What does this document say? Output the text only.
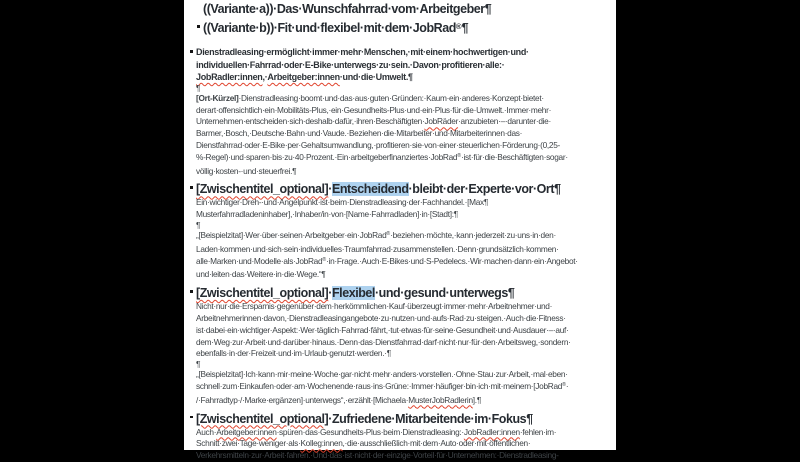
((Variante·a))·Das·Wunschfahrrad·vom·Arbeitgeber¶
((Variante·b))·Fit·und·flexibel·mit·dem·JobRad®¶
Dienstradleasing·ermöglicht·immer·mehr·Menschen,·mit·einem·hochwertigen·und·
individuellen·Fahrrad·oder·E-Bike·unterwegs·zu·sein.·Davon·profitieren·alle:·
JobRadler:innen,·Arbeitgeber:innen·und·die·Umwelt.¶
¶
[Ort-Kürzel]·Dienstradleasing·boomt·und·das·aus·guten·Gründen:·Kaum·ein·anderes·Konzept·bietet·
derart·offensichtlich·ein·Mobilitäts-Plus,·ein·Gesundheits-Plus·und·ein·Plus·für·die·Umwelt.·Immer·mehr·
Unternehmen·entscheiden·sich·deshalb·dafür,·ihren·Beschäftigten·JobRäder·anzubieten·–·darunter·die·
Barmer,·Bosch,·Deutsche·Bahn·und·Vaude.·Beziehen·die·Mitarbeiter·und·Mitarbeiterinnen·das·
Dienstfahrrad·oder·E-Bike·per·Gehaltsumwandlung,·profitieren·sie·von·einer·steuerlichen·Förderung·(0,25-
%-Regel)·und·sparen·bis·zu·40·Prozent.·Ein·arbeitgeberfinanziertes·JobRad®·ist·für·die·Beschäftigten·sogar·
völlig·kosten-·und·steuerfrei.¶
[Zwischentitel_optional]·Entscheidend·bleibt·der·Experte·vor·Ort¶
Ein·wichtiger·Dreh-·und·Angelpunkt·ist·beim·Dienstradleasing·der·Fachhandel.·[Max¶
Musterfahrradladeninhaber],·Inhaber/in·von·[Name·Fahrradladen]·in·[Stadt]:¶
¶
„[Beispielzitat]·Wer·über·seinen·Arbeitgeber·ein·JobRad®·beziehen·möchte,·kann·jederzeit·zu·uns·in·den·
Laden·kommen·und·sich·sein·individuelles·Traumfahrrad·zusammenstellen.·Denn·grundsätzlich·kommen·
alle·Marken·und·Modelle·als·JobRad®·in·Frage.·Auch·E-Bikes·und·S-Pedelecs.·Wir·machen·dann·ein·Angebot·
und·leiten·das·Weitere·in·die·Wege.“¶
[Zwischentitel_optional]·Flexibel·und·gesund·unterwegs¶
Nicht·nur·die·Ersparnis·gegenüber·dem·herkömmlichen·Kauf·überzeugt·immer·mehr·Arbeitnehmer·und·
Arbeitnehmerinnen·davon,·Dienstradleasingangebote·zu·nutzen·und·aufs·Rad·zu·steigen.·Auch·die·Fitness·
ist·dabei·ein·wichtiger·Aspekt:·Wer·täglich·Fahrrad·fährt,·tut·etwas·für·seine·Gesundheit·und·Ausdauer·–·auf·
dem·Weg·zur·Arbeit·und·darüber·hinaus.·Denn·das·Dienstfahrrad·darf·nicht·nur·für·den·Arbeitsweg,·sondern·
ebenfalls·in·der·Freizeit·und·im·Urlaub·genutzt·werden.·¶
¶
„[Beispielzitat]·Ich·kann·mir·meine·Woche·gar·nicht·mehr·anders·vorstellen.·Ohne·Stau·zur·Arbeit,·mal·eben·
schnell·zum·Einkaufen·oder·am·Wochenende·raus·ins·Grüne:·Immer·häufiger·bin·ich·mit·meinem·[JobRad®·
/·Fahrradtyp·/·Marke·ergänzen]·unterwegs“,·erzählt·[Michaela·MusterJobRadlerin].¶
[Zwischentitel_optional]·Zufriedene·Mitarbeitende·im·Fokus¶
Auch·Arbeitgeber:innen·spüren·das·Gesundheits-Plus·beim·Dienstradleasing:·JobRadler:innen·fehlen·im·
Schnitt·zwei·Tage·weniger·als·Kolleg:innen,·die·ausschließlich·mit·dem·Auto·oder·mit·öffentlichen·
Verkehrsmitteln·zur·Arbeit·fahren.·Und·das·ist·nicht·der·einzige·Vorteil·für·Unternehmen:·Dienstradleasing-
